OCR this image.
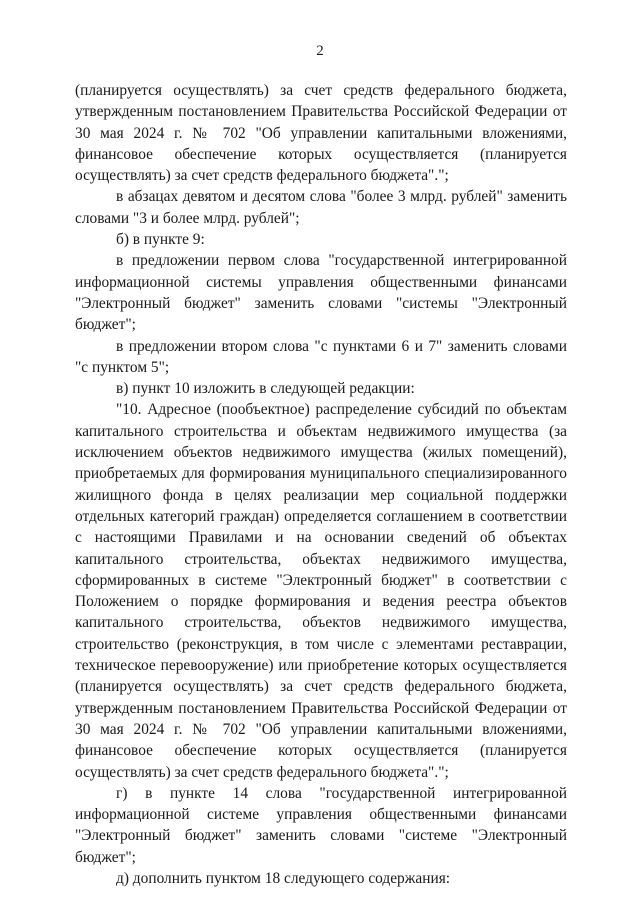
2

(планируется осуществлять) за счет средств федерального бюджета, утвержденным постановлением Правительства Российской Федерации от 30 мая 2024 г. № 702 "Об управлении капитальными вложениями, финансовое обеспечение которых осуществляется (планируется осуществлять) за счет средств федерального бюджета".";

в абзацах девятом и десятом слова "более 3 млрд. рублей" заменить словами "3 и более млрд. рублей";

б) в пункте 9:

в предложении первом слова "государственной интегрированной информационной системы управления общественными финансами "Электронный бюджет" заменить словами "системы "Электронный бюджет";

в предложении втором слова "с пунктами 6 и 7" заменить словами "с пунктом 5";

в) пункт 10 изложить в следующей редакции:

"10. Адресное (пообъектное) распределение субсидий по объектам капитального строительства и объектам недвижимого имущества (за исключением объектов недвижимого имущества (жилых помещений), приобретаемых для формирования муниципального специализированного жилищного фонда в целях реализации мер социальной поддержки отдельных категорий граждан) определяется соглашением в соответствии с настоящими Правилами и на основании сведений об объектах капитального строительства, объектах недвижимого имущества, сформированных в системе "Электронный бюджет" в соответствии с Положением о порядке формирования и ведения реестра объектов капитального строительства, объектов недвижимого имущества, строительство (реконструкция, в том числе с элементами реставрации, техническое перевооружение) или приобретение которых осуществляется (планируется осуществлять) за счет средств федерального бюджета, утвержденным постановлением Правительства Российской Федерации от 30 мая 2024 г. № 702 "Об управлении капитальными вложениями, финансовое обеспечение которых осуществляется (планируется осуществлять) за счет средств федерального бюджета".";

г) в пункте 14 слова "государственной интегрированной информационной системе управления общественными финансами "Электронный бюджет" заменить словами "системе "Электронный бюджет";

д) дополнить пунктом 18 следующего содержания:
